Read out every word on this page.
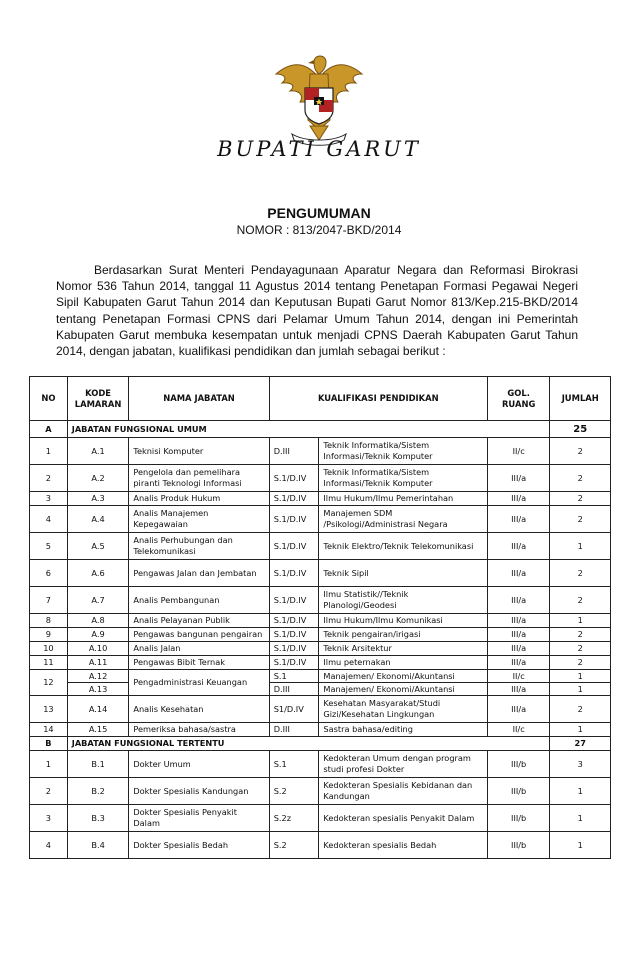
BUPATI GARUT
PENGUMUMAN
NOMOR : 813/2047-BKD/2014

Berdasarkan Surat Menteri Pendayagunaan Aparatur Negara dan Reformasi Birokrasi Nomor 536 Tahun 2014, tanggal 11 Agustus 2014 tentang Penetapan Formasi Pegawai Negeri Sipil Kabupaten Garut Tahun 2014 dan Keputusan Bupati Garut Nomor 813/Kep.215-BKD/2014 tentang Penetapan Formasi CPNS dari Pelamar Umum Tahun 2014, dengan ini Pemerintah Kabupaten Garut membuka kesempatan untuk menjadi CPNS Daerah Kabupaten Garut Tahun 2014, dengan jabatan, kualifikasi pendidikan dan jumlah sebagai berikut :

NO	KODE LAMARAN	NAMA JABATAN	KUALIFIKASI PENDIDIKAN		GOL. RUANG	JUMLAH
A	JABATAN FUNGSIONAL UMUM					25
1	A.1	Teknisi Komputer	D.III	Teknik Informatika/Sistem Informasi/Teknik Komputer	II/c	2
2	A.2	Pengelola dan pemelihara piranti Teknologi Informasi	S.1/D.IV	Teknik Informatika/Sistem Informasi/Teknik Komputer	III/a	2
3	A.3	Analis Produk Hukum	S.1/D.IV	Ilmu Hukum/Ilmu Pemerintahan	III/a	2
4	A.4	Analis Manajemen Kepegawaian	S.1/D.IV	Manajemen SDM /Psikologi/Administrasi Negara	III/a	2
5	A.5	Analis Perhubungan dan Telekomunikasi	S.1/D.IV	Teknik Elektro/Teknik Telekomunikasi	III/a	1
6	A.6	Pengawas Jalan dan Jembatan	S.1/D.IV	Teknik Sipil	III/a	2
7	A.7	Analis Pembangunan	S.1/D.IV	Ilmu Statistik//Teknik Planologi/Geodesi	III/a	2
8	A.8	Analis Pelayanan Publik	S.1/D.IV	Ilmu Hukum/Ilmu Komunikasi	III/a	1
9	A.9	Pengawas bangunan pengairan	S.1/D.IV	Teknik pengairan/irigasi	III/a	2
10	A.10	Analis Jalan	S.1/D.IV	Teknik Arsitektur	III/a	2
11	A.11	Pengawas Bibit Ternak	S.1/D.IV	Ilmu peternakan	III/a	2
12	A.12	Pengadministrasi Keuangan	S.1	Manajemen/ Ekonomi/Akuntansi	II/c	1
	A.13		D.III	Manajemen/ Ekonomi/Akuntansi	III/a	1
13	A.14	Analis Kesehatan	S1/D.IV	Kesehatan Masyarakat/Studi Gizi/Kesehatan Lingkungan	III/a	2
14	A.15	Pemeriksa bahasa/sastra	D.III	Sastra bahasa/editing	II/c	1
B	JABATAN FUNGSIONAL TERTENTU					27
1	B.1	Dokter Umum	S.1	Kedokteran Umum dengan program studi profesi Dokter	III/b	3
2	B.2	Dokter Spesialis Kandungan	S.2	Kedokteran Spesialis Kebidanan dan Kandungan	III/b	1
3	B.3	Dokter Spesialis Penyakit Dalam	S.2z	Kedokteran spesialis Penyakit Dalam	III/b	1
4	B.4	Dokter Spesialis Bedah	S.2	Kedokteran spesialis Bedah	III/b	1
